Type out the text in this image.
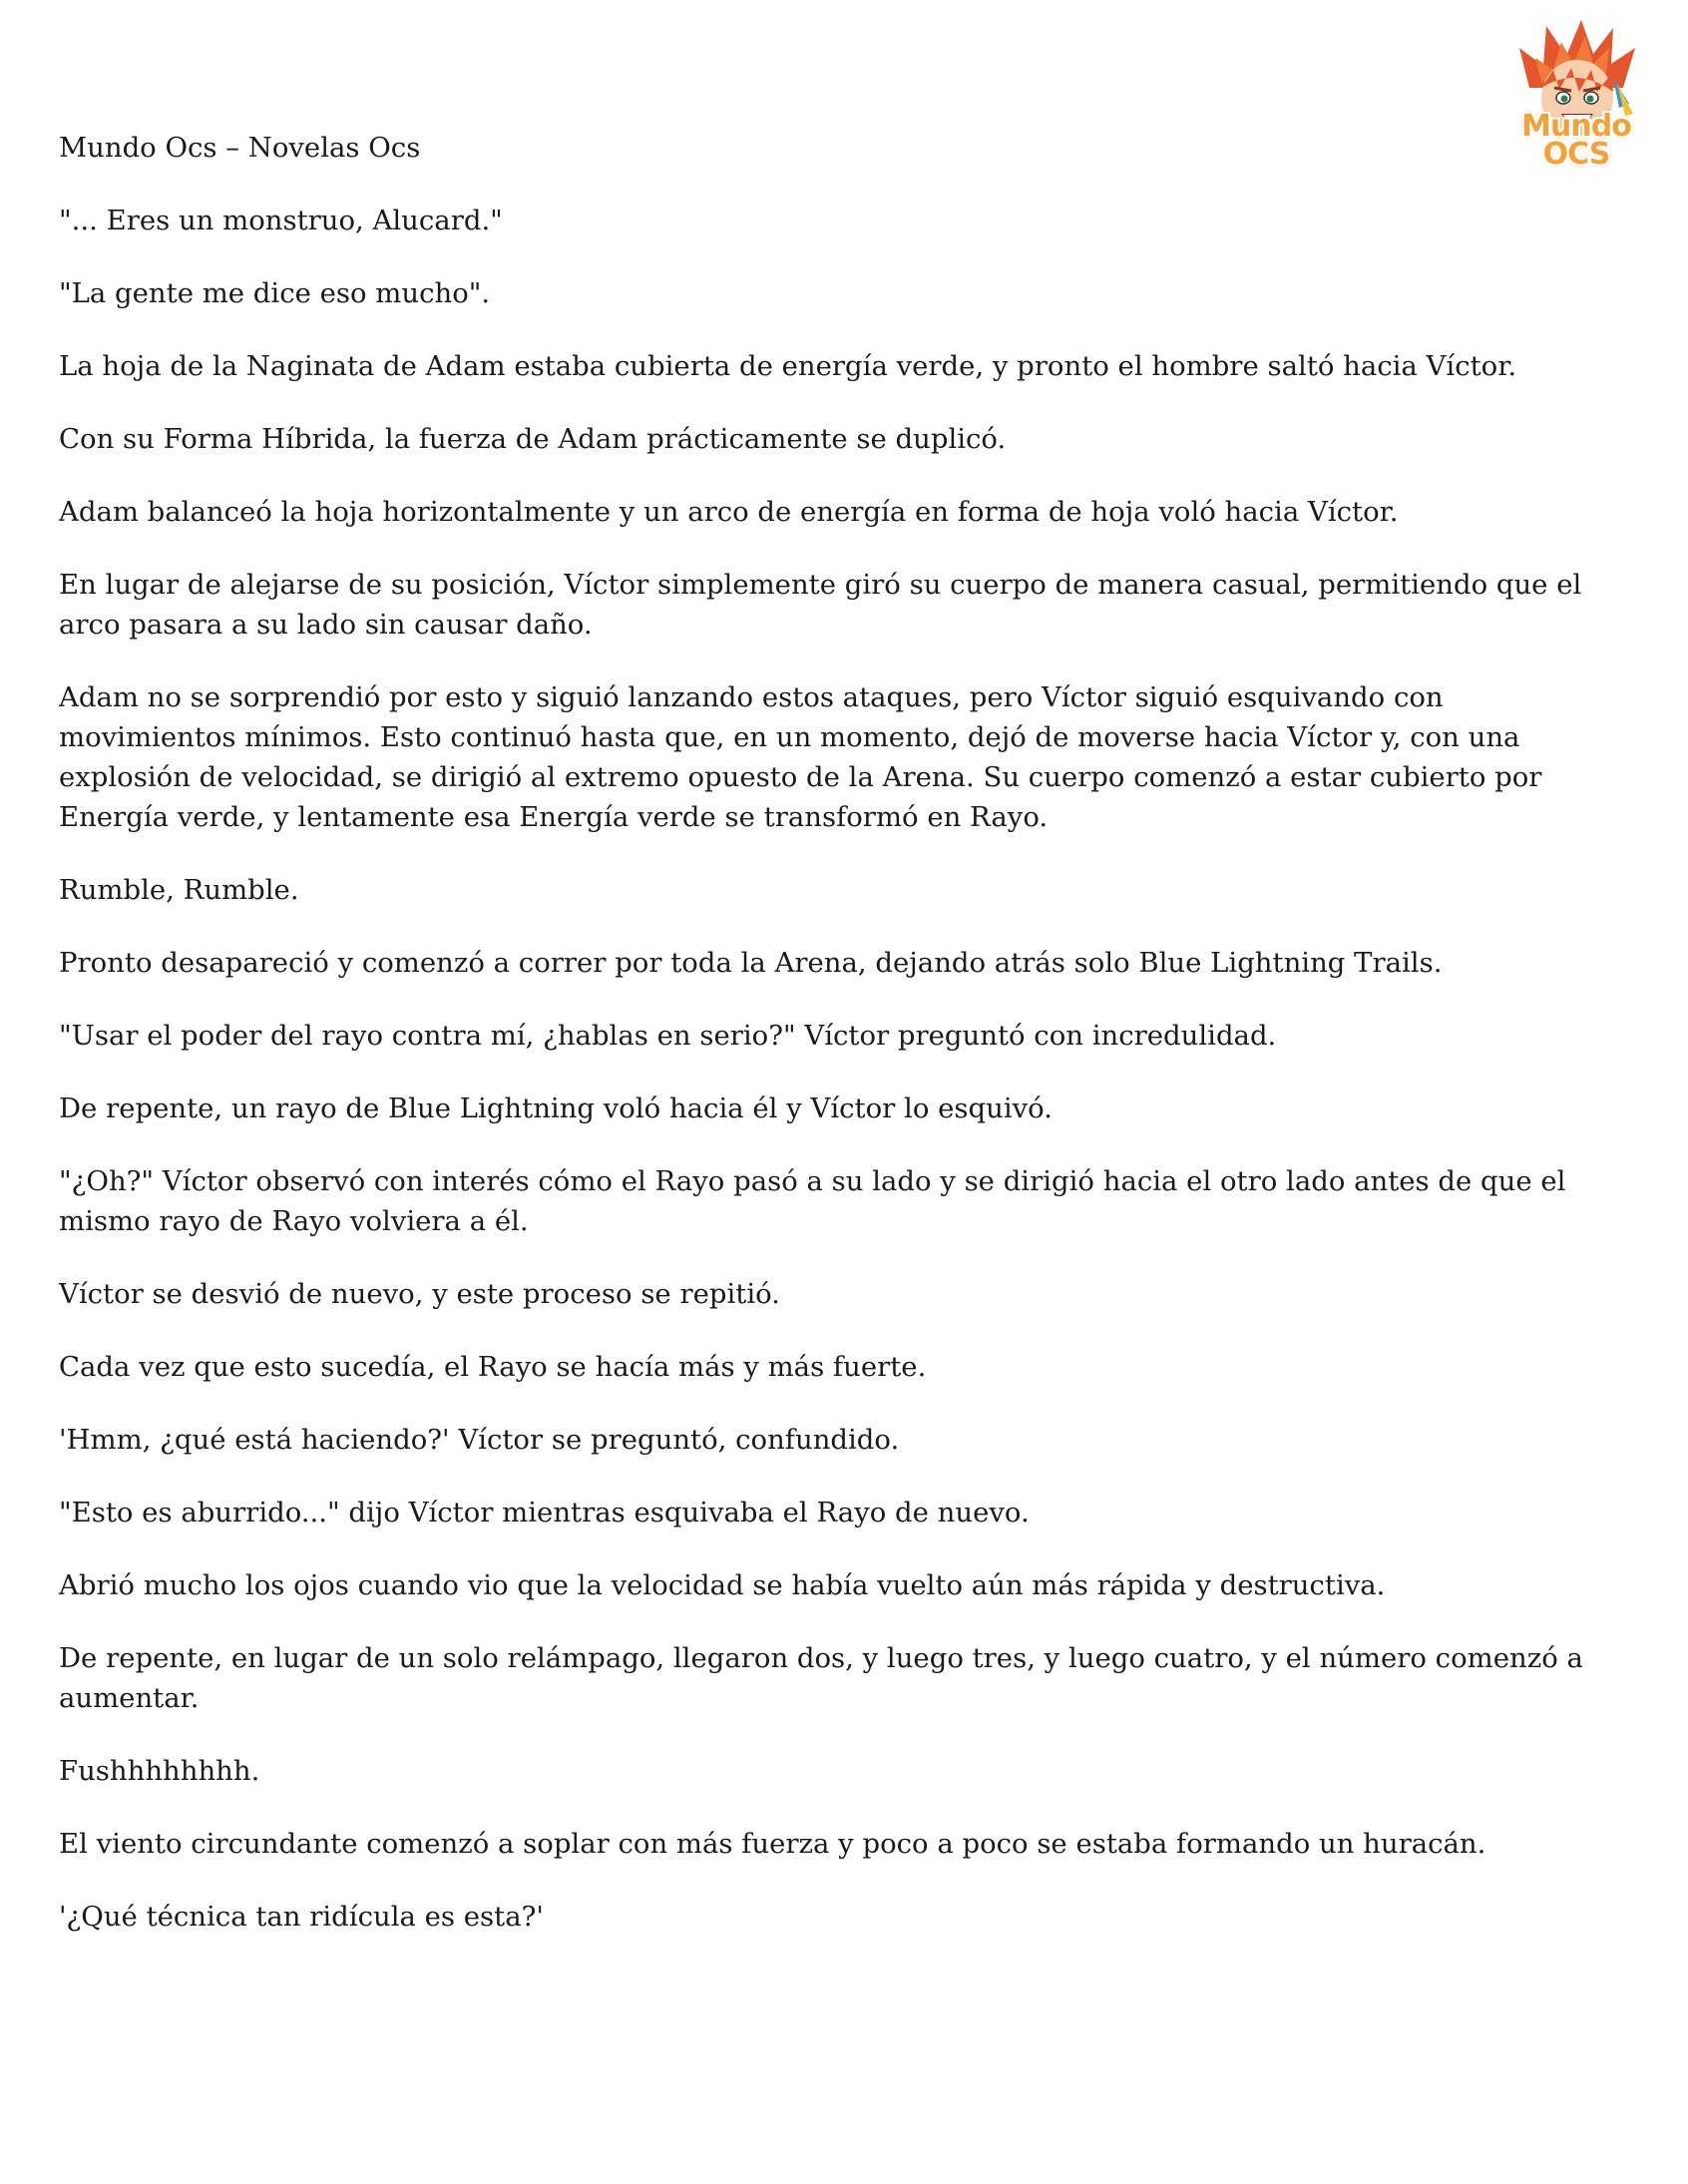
Mundo OCS

Mundo Ocs – Novelas Ocs

"... Eres un monstruo, Alucard."

"La gente me dice eso mucho".

La hoja de la Naginata de Adam estaba cubierta de energía verde, y pronto el hombre saltó hacia Víctor.

Con su Forma Híbrida, la fuerza de Adam prácticamente se duplicó.

Adam balanceó la hoja horizontalmente y un arco de energía en forma de hoja voló hacia Víctor.

En lugar de alejarse de su posición, Víctor simplemente giró su cuerpo de manera casual, permitiendo que el arco pasara a su lado sin causar daño.

Adam no se sorprendió por esto y siguió lanzando estos ataques, pero Víctor siguió esquivando con movimientos mínimos. Esto continuó hasta que, en un momento, dejó de moverse hacia Víctor y, con una explosión de velocidad, se dirigió al extremo opuesto de la Arena. Su cuerpo comenzó a estar cubierto por Energía verde, y lentamente esa Energía verde se transformó en Rayo.

Rumble, Rumble.

Pronto desapareció y comenzó a correr por toda la Arena, dejando atrás solo Blue Lightning Trails.

"Usar el poder del rayo contra mí, ¿hablas en serio?" Víctor preguntó con incredulidad.

De repente, un rayo de Blue Lightning voló hacia él y Víctor lo esquivó.

"¿Oh?" Víctor observó con interés cómo el Rayo pasó a su lado y se dirigió hacia el otro lado antes de que el mismo rayo de Rayo volviera a él.

Víctor se desvió de nuevo, y este proceso se repitió.

Cada vez que esto sucedía, el Rayo se hacía más y más fuerte.

'Hmm, ¿qué está haciendo?' Víctor se preguntó, confundido.

"Esto es aburrido..." dijo Víctor mientras esquivaba el Rayo de nuevo.

Abrió mucho los ojos cuando vio que la velocidad se había vuelto aún más rápida y destructiva.

De repente, en lugar de un solo relámpago, llegaron dos, y luego tres, y luego cuatro, y el número comenzó a aumentar.

Fushhhhhhhh.

El viento circundante comenzó a soplar con más fuerza y poco a poco se estaba formando un huracán.

'¿Qué técnica tan ridícula es esta?'
